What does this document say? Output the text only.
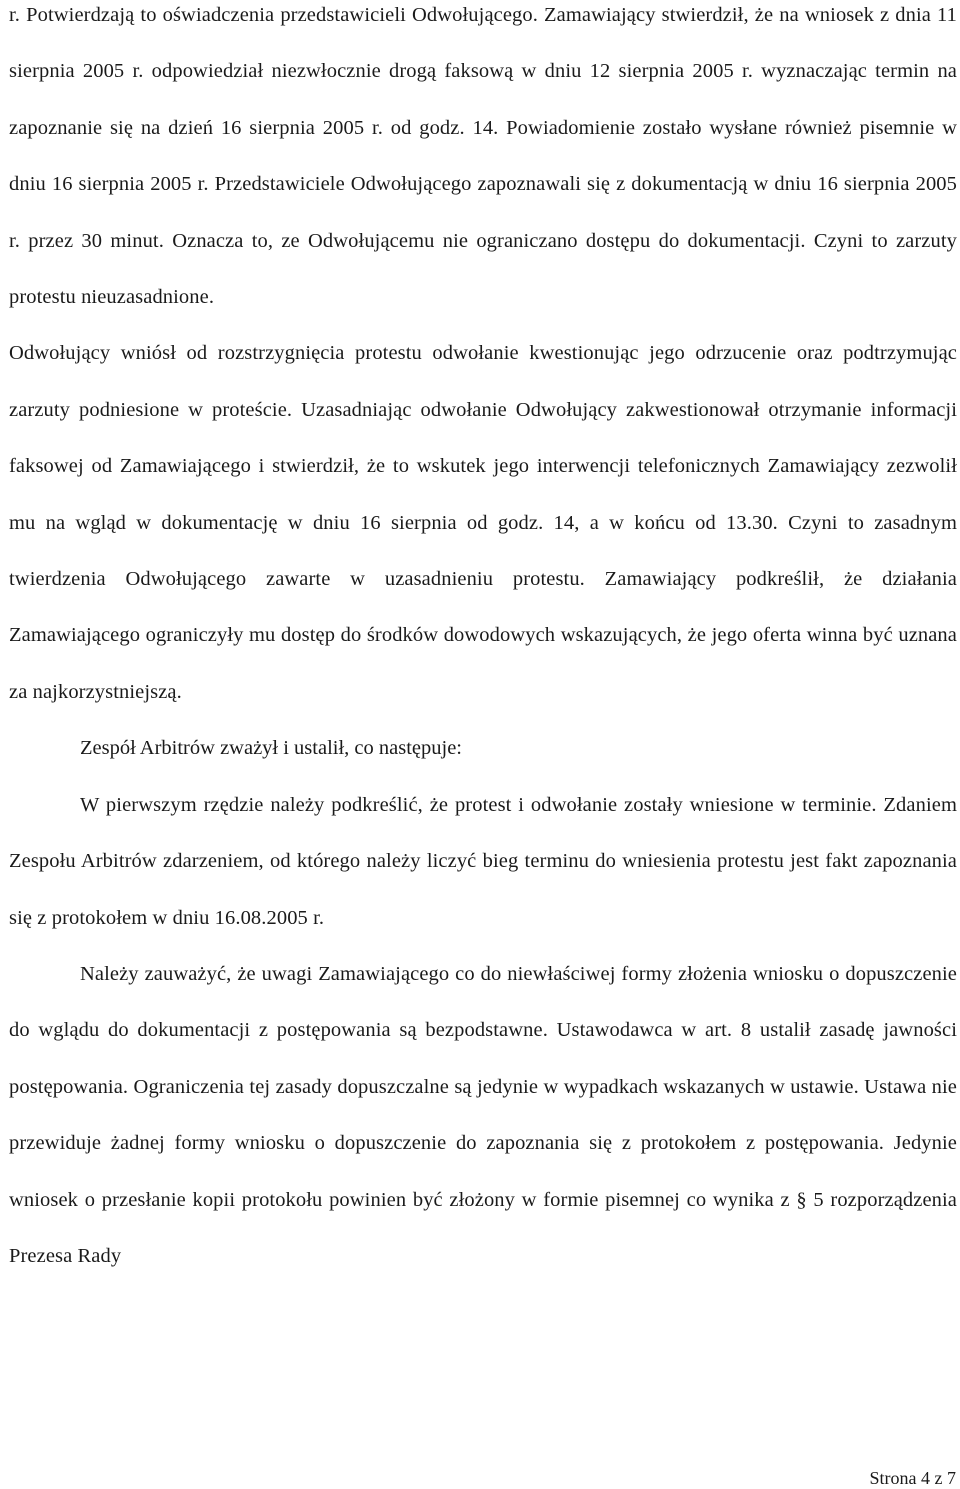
r. Potwierdzają to oświadczenia przedstawicieli Odwołującego. Zamawiający stwierdził, że na wniosek z dnia 11 sierpnia 2005 r. odpowiedział niezwłocznie drogą faksową w dniu 12 sierpnia 2005 r. wyznaczając termin na zapoznanie się na dzień 16 sierpnia 2005 r. od godz. 14. Powiadomienie zostało wysłane również pisemnie w dniu 16 sierpnia 2005 r. Przedstawiciele Odwołującego zapoznawali się z dokumentacją w dniu 16 sierpnia 2005 r. przez 30 minut. Oznacza to, ze Odwołującemu nie ograniczano dostępu do dokumentacji. Czyni to zarzuty protestu nieuzasadnione.

Odwołujący wniósł od rozstrzygnięcia protestu odwołanie kwestionując jego odrzucenie oraz podtrzymując zarzuty podniesione w proteście. Uzasadniając odwołanie Odwołujący zakwestionował otrzymanie informacji faksowej od Zamawiającego i stwierdził, że to wskutek jego interwencji telefonicznych Zamawiający zezwolił mu na wgląd w dokumentację w dniu 16 sierpnia od godz. 14, a w końcu od 13.30. Czyni to zasadnym twierdzenia Odwołującego zawarte w uzasadnieniu protestu. Zamawiający podkreślił, że działania Zamawiającego ograniczyły mu dostęp do środków dowodowych wskazujących, że jego oferta winna być uznana za najkorzystniejszą.

Zespół Arbitrów zważył i ustalił, co następuje:

W pierwszym rzędzie należy podkreślić, że protest i odwołanie zostały wniesione w terminie. Zdaniem Zespołu Arbitrów zdarzeniem, od którego należy liczyć bieg terminu do wniesienia protestu jest fakt zapoznania się z protokołem w dniu 16.08.2005 r.

Należy zauważyć, że uwagi Zamawiającego co do niewłaściwej formy złożenia wniosku o dopuszczenie do wglądu do dokumentacji z postępowania są bezpodstawne. Ustawodawca w art. 8 ustalił zasadę jawności postępowania. Ograniczenia tej zasady dopuszczalne są jedynie w wypadkach wskazanych w ustawie. Ustawa nie przewiduje żadnej formy wniosku o dopuszczenie do zapoznania się z protokołem z postępowania. Jedynie wniosek o przesłanie kopii protokołu powinien być złożony w formie pisemnej co wynika z § 5 rozporządzenia Prezesa Rady

Strona 4 z 7
